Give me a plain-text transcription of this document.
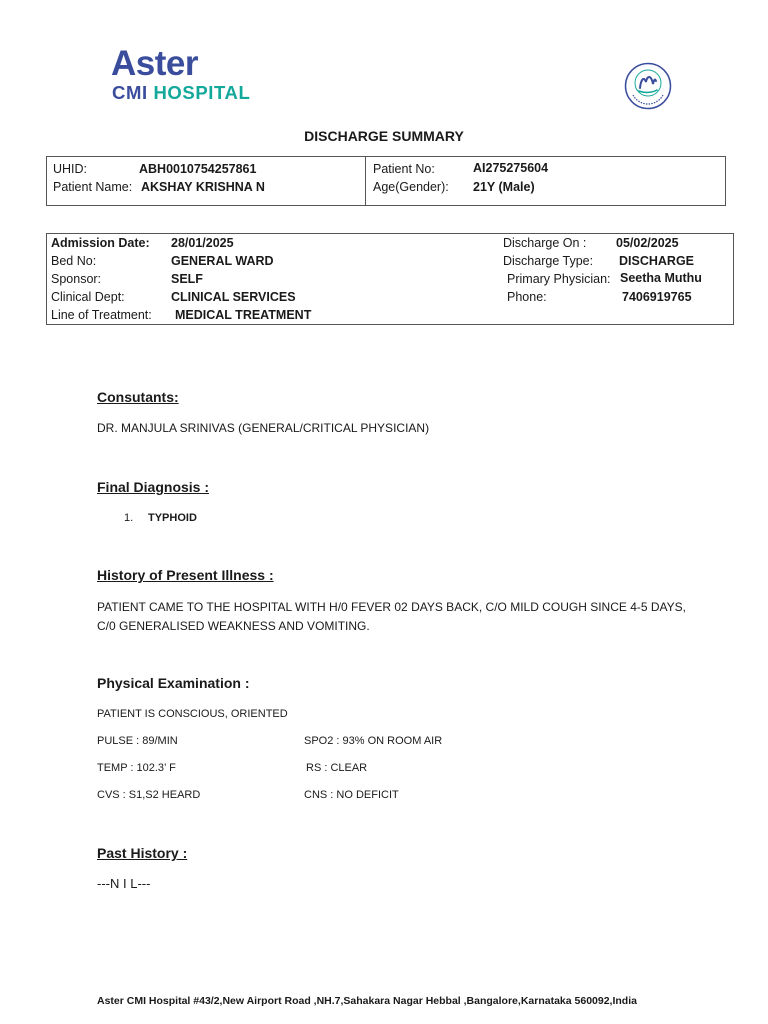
Aster
CMI HOSPITAL
DISCHARGE SUMMARY
UHID:	ABH0010754257861
Patient Name: AKSHAY KRISHNA N
Patient No:	AI275275604
Age(Gender): 21Y (Male)
Admission Date: 28/01/2025
Bed No:	GENERAL WARD
Sponsor:	SELF
Clinical Dept:	CLINICAL SERVICES
Line of Treatment: MEDICAL TREATMENT
Discharge On : 05/02/2025
Discharge Type: DISCHARGE
Primary Physician: Seetha Muthu
Phone:	7406919765
Consutants:
DR. MANJULA SRINIVAS (GENERAL/CRITICAL PHYSICIAN)
Final Diagnosis :
1. TYPHOID
History of Present Illness :
PATIENT CAME TO THE HOSPITAL WITH H/0 FEVER 02 DAYS BACK, C/O MILD COUGH SINCE 4-5 DAYS,
C/0 GENERALISED WEAKNESS AND VOMITING.
Physical Examination :
PATIENT IS CONSCIOUS, ORIENTED
PULSE : 89/MIN	SPO2 : 93% ON ROOM AIR
TEMP : 102.3’ F	RS : CLEAR
CVS : S1,S2 HEARD	CNS : NO DEFICIT
Past History :
---N I L---
Aster CMI Hospital #43/2,New Airport Road ,NH.7,Sahakara Nagar Hebbal ,Bangalore,Karnataka 560092,India
